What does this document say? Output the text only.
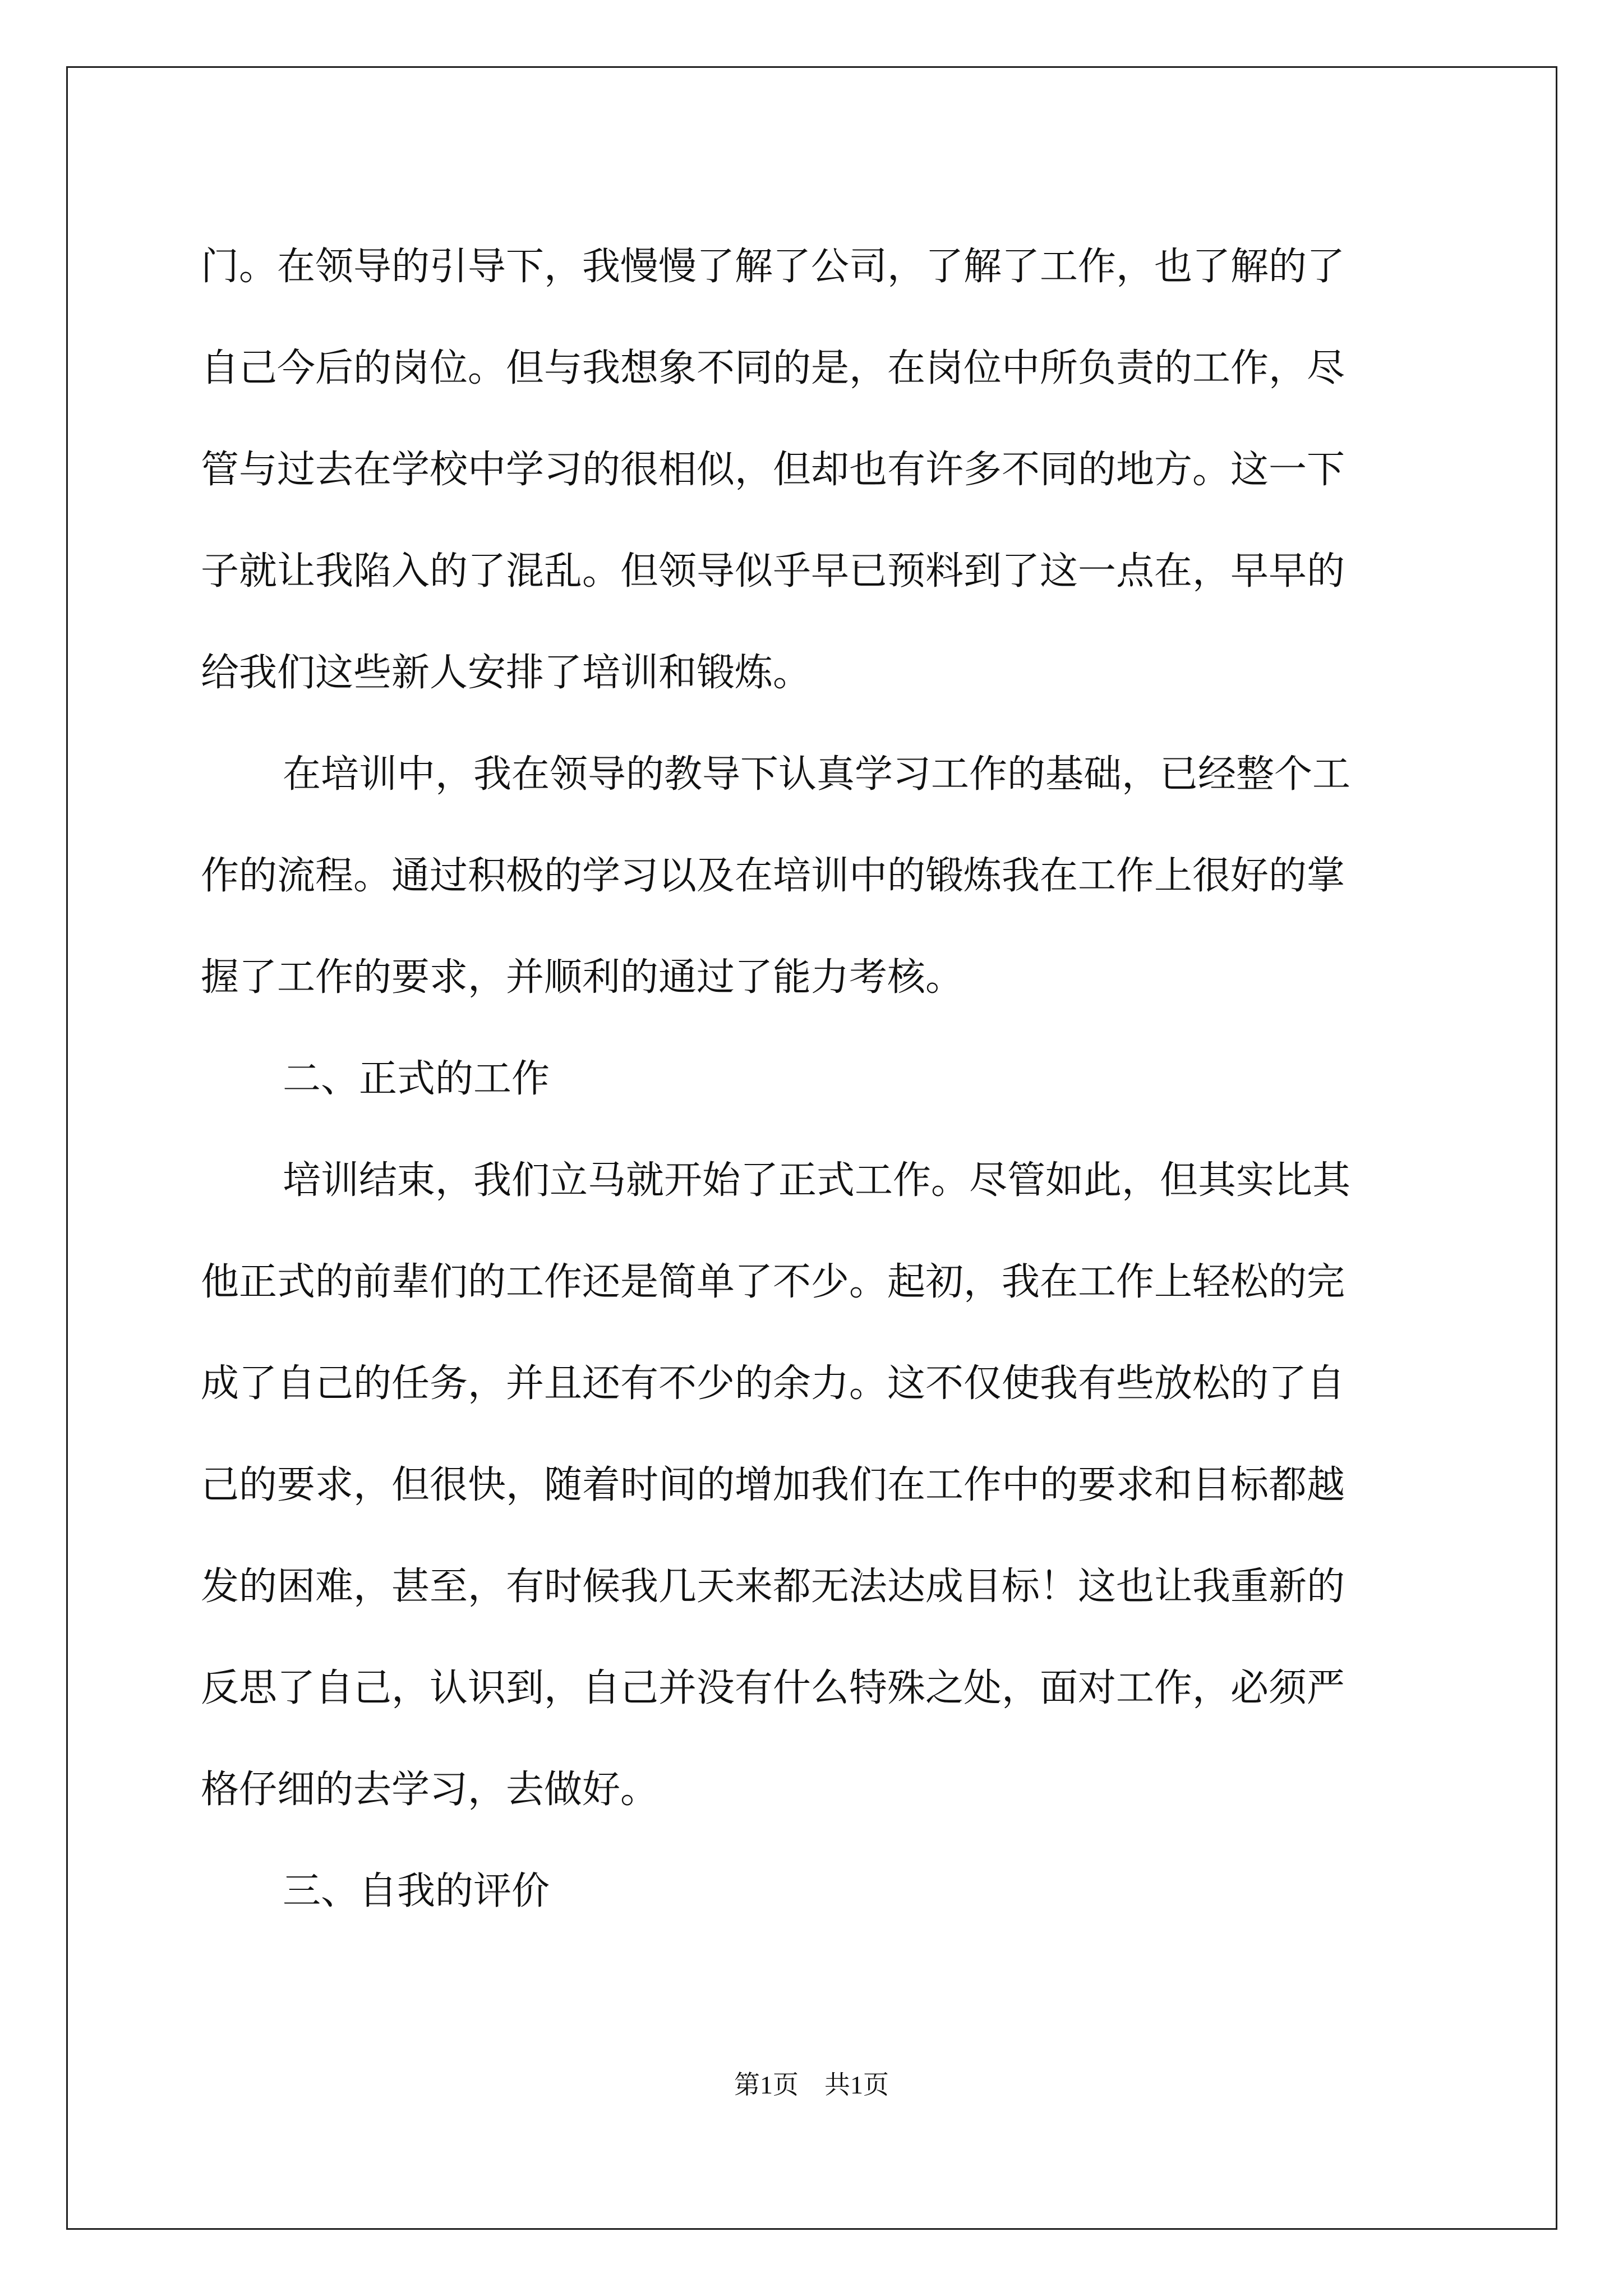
门。在领导的引导下，我慢慢了解了公司，了解了工作，也了解的了
自己今后的岗位。但与我想象不同的是，在岗位中所负责的工作，尽
管与过去在学校中学习的很相似，但却也有许多不同的地方。这一下
子就让我陷入的了混乱。但领导似乎早已预料到了这一点在，早早的
给我们这些新人安排了培训和锻炼。
在培训中，我在领导的教导下认真学习工作的基础，已经整个工
作的流程。通过积极的学习以及在培训中的锻炼我在工作上很好的掌
握了工作的要求，并顺利的通过了能力考核。
二、正式的工作
培训结束，我们立马就开始了正式工作。尽管如此，但其实比其
他正式的前辈们的工作还是简单了不少。起初，我在工作上轻松的完
成了自己的任务，并且还有不少的余力。这不仅使我有些放松的了自
己的要求，但很快，随着时间的增加我们在工作中的要求和目标都越
发的困难，甚至，有时候我几天来都无法达成目标！这也让我重新的
反思了自己，认识到，自己并没有什么特殊之处，面对工作，必须严
格仔细的去学习，去做好。
三、自我的评价
第1页　共1页
